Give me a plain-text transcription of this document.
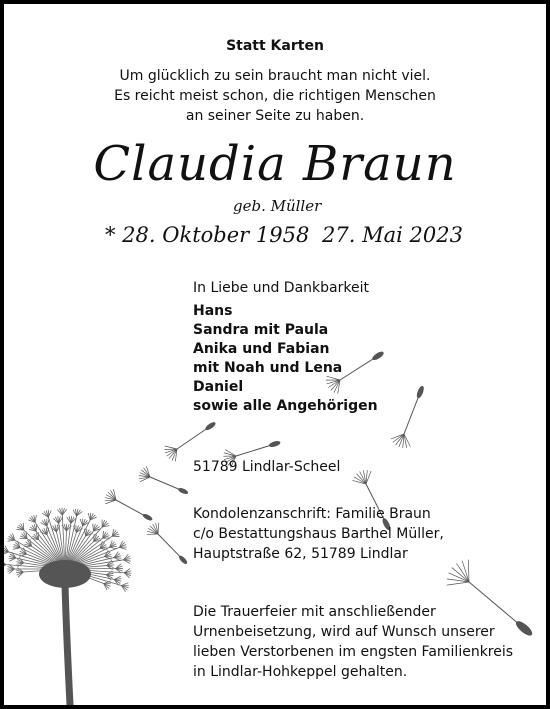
Statt Karten
Um glücklich zu sein braucht man nicht viel.
Es reicht meist schon, die richtigen Menschen
an seiner Seite zu haben.
Claudia Braun
geb. Müller
* 28. Oktober 1958 27. Mai 2023
In Liebe und Dankbarkeit
Hans
Sandra mit Paula
Anika und Fabian
mit Noah und Lena
Daniel
sowie alle Angehörigen
51789 Lindlar-Scheel
Kondolenzanschrift: Familie Braun
c/o Bestattungshaus Barthel Müller,
Hauptstraße 62, 51789 Lindlar
Die Trauerfeier mit anschließender
Urnenbeisetzung, wird auf Wunsch unserer
lieben Verstorbenen im engsten Familienkreis
in Lindlar-Hohkeppel gehalten.
